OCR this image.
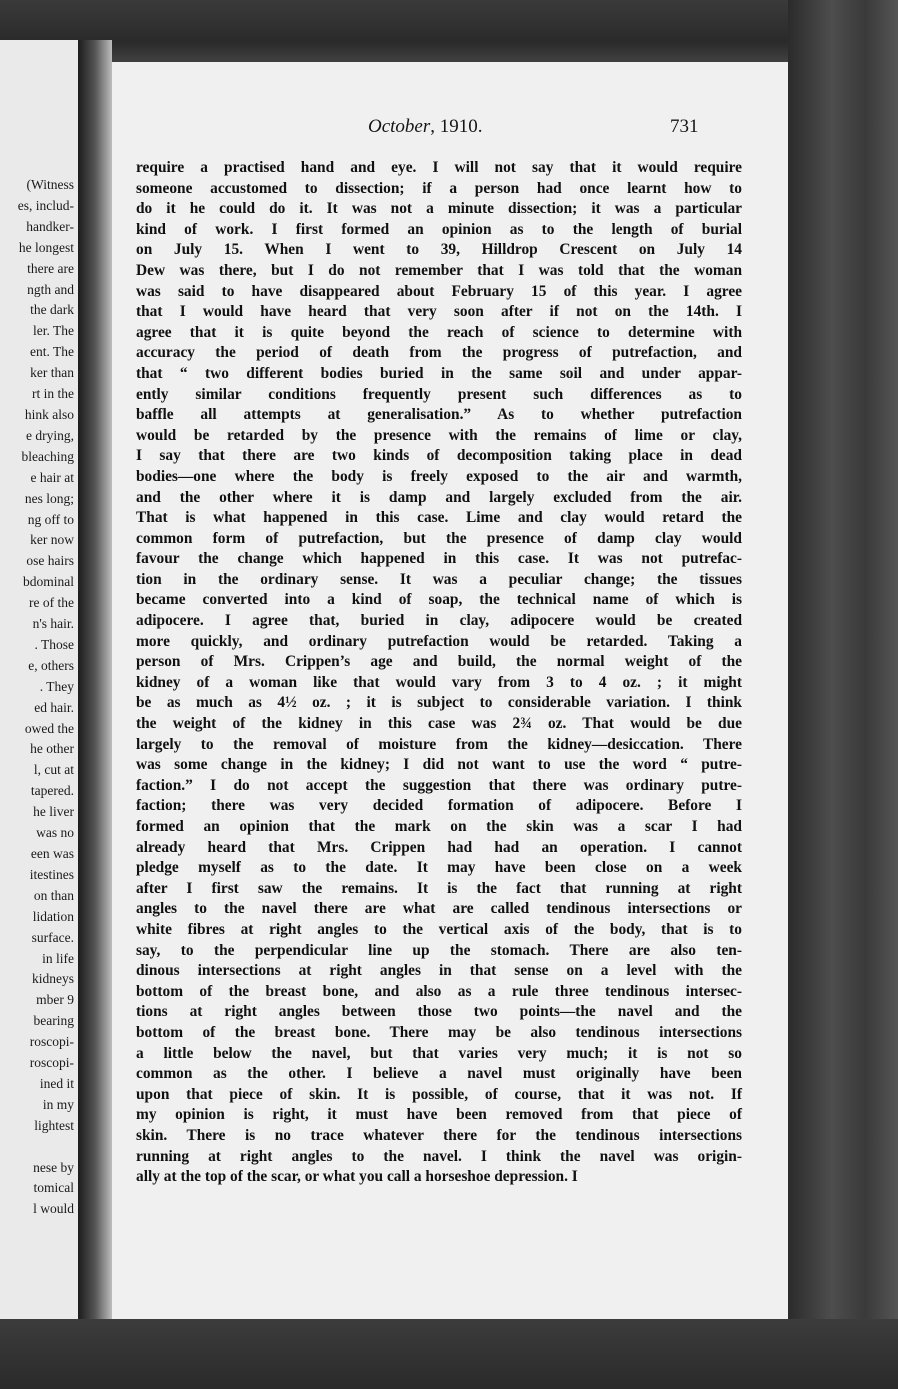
(Witness
es, includ-
handker-
he longest
there are
ngth and
the dark
ler. The
ent. The
ker than
rt in the
hink also
e drying,
bleaching
e hair at
nes long;
ng off to
ker now
ose hairs
bdominal
re of the
n's hair.
. Those
e, others
. They
ed hair.
owed the
he other
l, cut at
tapered.
he liver
was no
een was
itestines
on than
lidation
surface.
in life
kidneys
mber 9
bearing
roscopi-
roscopi-
ined it
in my
lightest
nese by
tomical
l would
October, 1910.	731
require a practised hand and eye. I will not say that it would require
someone accustomed to dissection; if a person had once learnt how to
do it he could do it. It was not a minute dissection; it was a particular
kind of work. I first formed an opinion as to the length of burial
on July 15. When I went to 39, Hilldrop Crescent on July 14
Dew was there, but I do not remember that I was told that the woman
was said to have disappeared about February 15 of this year. I agree
that I would have heard that very soon after if not on the 14th. I
agree that it is quite beyond the reach of science to determine with
accuracy the period of death from the progress of putrefaction, and
that “ two different bodies buried in the same soil and under appar-
ently similar conditions frequently present such differences as to
baffle all attempts at generalisation.” As to whether putrefaction
would be retarded by the presence with the remains of lime or clay,
I say that there are two kinds of decomposition taking place in dead
bodies—one where the body is freely exposed to the air and warmth,
and the other where it is damp and largely excluded from the air.
That is what happened in this case. Lime and clay would retard the
common form of putrefaction, but the presence of damp clay would
favour the change which happened in this case. It was not putrefac-
tion in the ordinary sense. It was a peculiar change; the tissues
became converted into a kind of soap, the technical name of which is
adipocere. I agree that, buried in clay, adipocere would be created
more quickly, and ordinary putrefaction would be retarded. Taking a
person of Mrs. Crippen’s age and build, the normal weight of the
kidney of a woman like that would vary from 3 to 4 oz. ; it might
be as much as 4½ oz. ; it is subject to considerable variation. I think
the weight of the kidney in this case was 2¾ oz. That would be due
largely to the removal of moisture from the kidney—desiccation. There
was some change in the kidney; I did not want to use the word “ putre-
faction.” I do not accept the suggestion that there was ordinary putre-
faction; there was very decided formation of adipocere. Before I
formed an opinion that the mark on the skin was a scar I had
already heard that Mrs. Crippen had had an operation. I cannot
pledge myself as to the date. It may have been close on a week
after I first saw the remains. It is the fact that running at right
angles to the navel there are what are called tendinous intersections or
white fibres at right angles to the vertical axis of the body, that is to
say, to the perpendicular line up the stomach. There are also ten-
dinous intersections at right angles in that sense on a level with the
bottom of the breast bone, and also as a rule three tendinous intersec-
tions at right angles between those two points—the navel and the
bottom of the breast bone. There may be also tendinous intersections
a little below the navel, but that varies very much; it is not so
common as the other. I believe a navel must originally have been
upon that piece of skin. It is possible, of course, that it was not. If
my opinion is right, it must have been removed from that piece of
skin. There is no trace whatever there for the tendinous intersections
running at right angles to the navel. I think the navel was origin-
ally at the top of the scar, or what you call a horseshoe depression. I
